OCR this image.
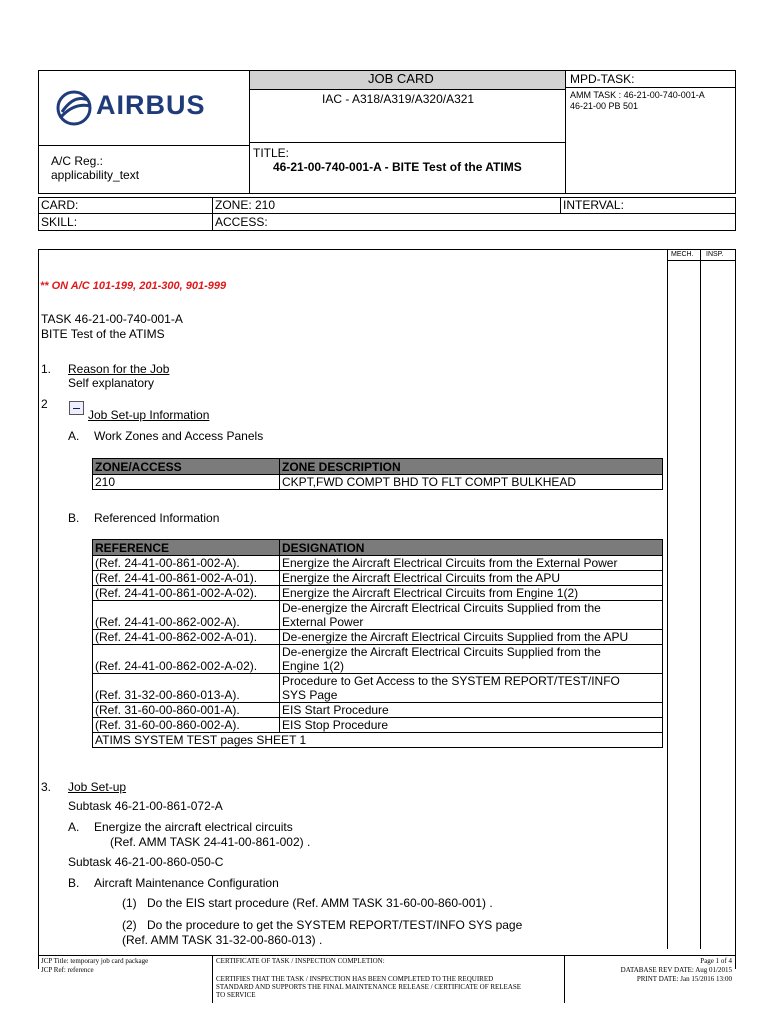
AIRBUS
JOB CARD
IAC - A318/A319/A320/A321
MPD-TASK:
AMM TASK : 46-21-00-740-001-A
46-21-00 PB 501
A/C Reg.:
applicability_text
TITLE:
46-21-00-740-001-A - BITE Test of the ATIMS
CARD:	ZONE: 210	INTERVAL:
SKILL:	ACCESS:
MECH. INSP.
** ON A/C 101-199, 201-300, 901-999
TASK 46-21-00-740-001-A
BITE Test of the ATIMS
1. Reason for the Job
Self explanatory
2
Job Set-up Information
A. Work Zones and Access Panels
ZONE/ACCESS	ZONE DESCRIPTION
210	CKPT,FWD COMPT BHD TO FLT COMPT BULKHEAD
B. Referenced Information
REFERENCE	DESIGNATION
(Ref. 24-41-00-861-002-A).	Energize the Aircraft Electrical Circuits from the External Power
(Ref. 24-41-00-861-002-A-01).	Energize the Aircraft Electrical Circuits from the APU
(Ref. 24-41-00-861-002-A-02).	Energize the Aircraft Electrical Circuits from Engine 1(2)
(Ref. 24-41-00-862-002-A).	De-energize the Aircraft Electrical Circuits Supplied from the
External Power

(Ref. 24-41-00-862-002-A-01).	De-energize the Aircraft Electrical Circuits Supplied from the APU
(Ref. 24-41-00-862-002-A-02).	De-energize the Aircraft Electrical Circuits Supplied from the
Engine 1(2)

(Ref. 31-32-00-860-013-A).	Procedure to Get Access to the SYSTEM REPORT/TEST/INFO
SYS Page

(Ref. 31-60-00-860-001-A).	EIS Start Procedure
(Ref. 31-60-00-860-002-A).	EIS Stop Procedure
ATIMS SYSTEM TEST pages SHEET 1	
3. Job Set-up
Subtask 46-21-00-861-072-A
A. Energize the aircraft electrical circuits
(Ref. AMM TASK 24-41-00-861-002) .
Subtask 46-21-00-860-050-C
B. Aircraft Maintenance Configuration
(1) Do the EIS start procedure (Ref. AMM TASK 31-60-00-860-001) .
(2) Do the procedure to get the SYSTEM REPORT/TEST/INFO SYS page
(Ref. AMM TASK 31-32-00-860-013) .
JCP Title: temporary job card package
JCP Ref: reference
CERTIFICATE OF TASK / INSPECTION COMPLETION:
CERTIFIES THAT THE TASK / INSPECTION HAS BEEN COMPLETED TO THE REQUIRED
STANDARD AND SUPPORTS THE FINAL MAINTENANCE RELEASE / CERTIFICATE OF RELEASE
TO SERVICE
Page 1 of 4
DATABASE REV DATE: Aug 01/2015
PRINT DATE: Jan 15/2016 13:00
